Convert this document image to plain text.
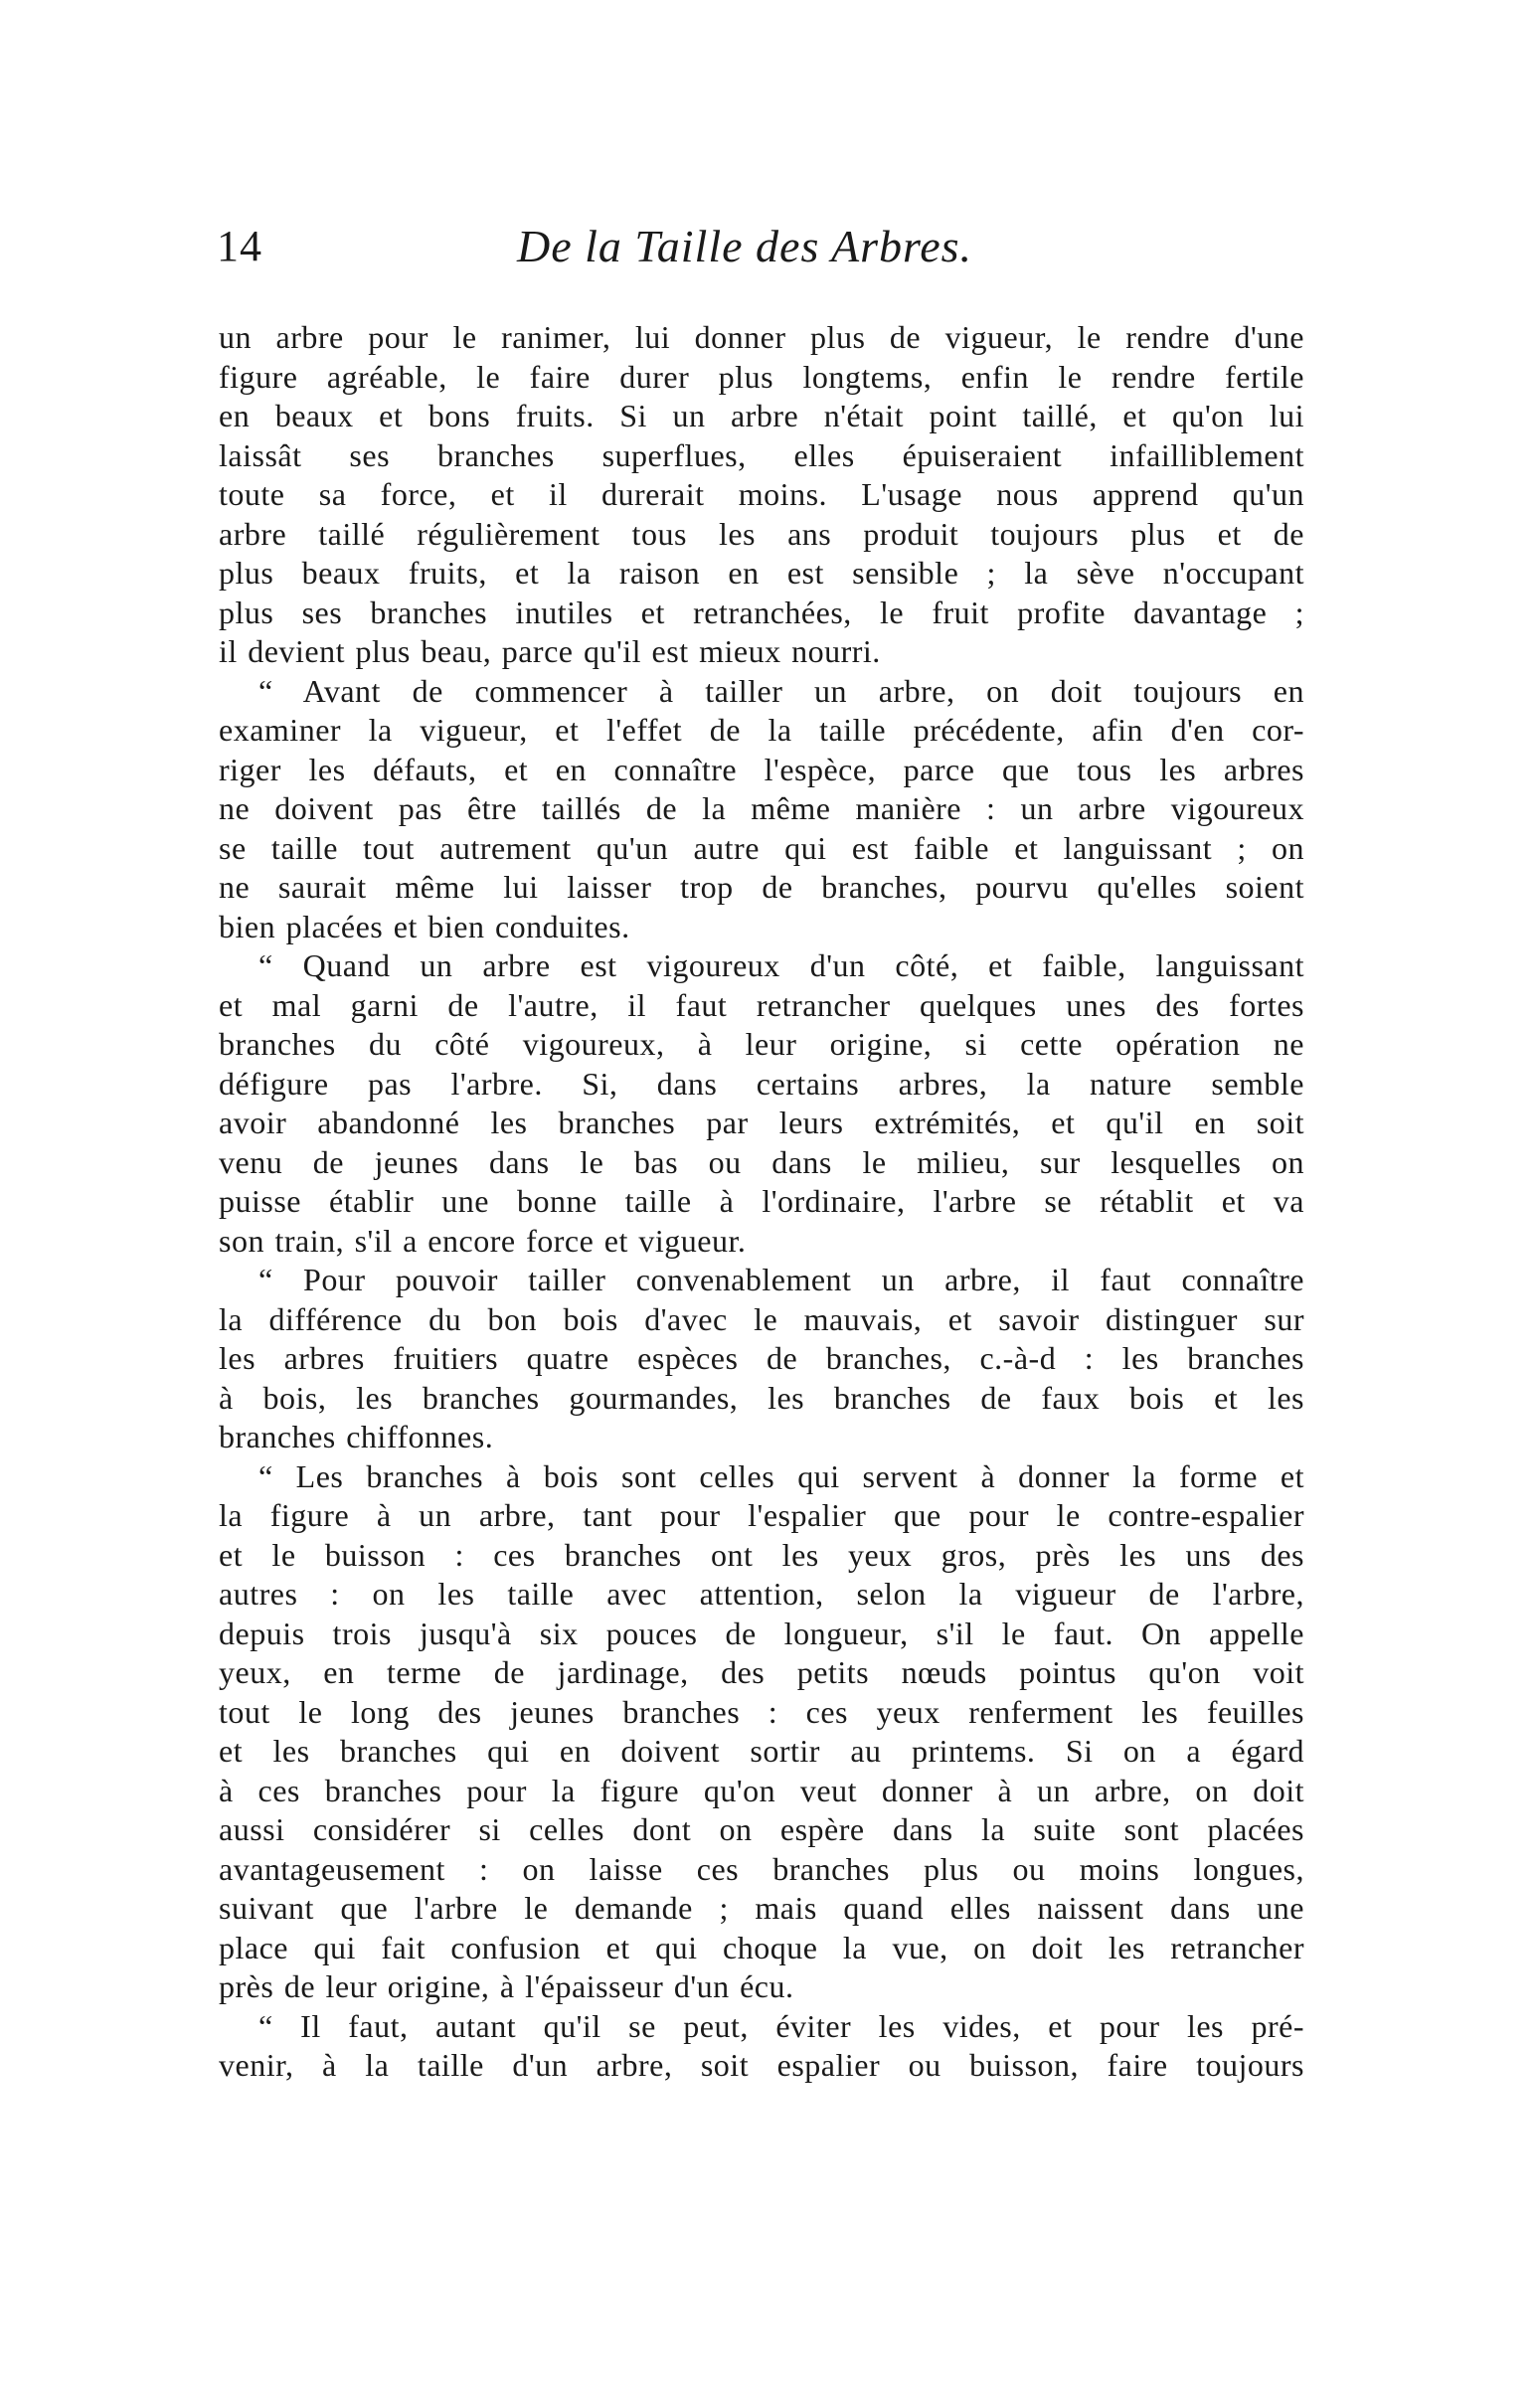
14	De la Taille des Arbres.
un arbre pour le ranimer, lui donner plus de vigueur, le rendre d'une
figure agréable, le faire durer plus longtems, enfin le rendre fertile
en beaux et bons fruits. Si un arbre n'était point taillé, et qu'on lui
laissât ses branches superflues, elles épuiseraient infailliblement
toute sa force, et il durerait moins. L'usage nous apprend qu'un
arbre taillé régulièrement tous les ans produit toujours plus et de
plus beaux fruits, et la raison en est sensible ; la sève n'occupant
plus ses branches inutiles et retranchées, le fruit profite davantage ;
il devient plus beau, parce qu'il est mieux nourri.
“ Avant de commencer à tailler un arbre, on doit toujours en
examiner la vigueur, et l'effet de la taille précédente, afin d'en cor-
riger les défauts, et en connaître l'espèce, parce que tous les arbres
ne doivent pas être taillés de la même manière : un arbre vigoureux
se taille tout autrement qu'un autre qui est faible et languissant ; on
ne saurait même lui laisser trop de branches, pourvu qu'elles soient
bien placées et bien conduites.
“ Quand un arbre est vigoureux d'un côté, et faible, languissant
et mal garni de l'autre, il faut retrancher quelques unes des fortes
branches du côté vigoureux, à leur origine, si cette opération ne
défigure pas l'arbre. Si, dans certains arbres, la nature semble
avoir abandonné les branches par leurs extrémités, et qu'il en soit
venu de jeunes dans le bas ou dans le milieu, sur lesquelles on
puisse établir une bonne taille à l'ordinaire, l'arbre se rétablit et va
son train, s'il a encore force et vigueur.
“ Pour pouvoir tailler convenablement un arbre, il faut connaître
la différence du bon bois d'avec le mauvais, et savoir distinguer sur
les arbres fruitiers quatre espèces de branches, c.-à-d : les branches
à bois, les branches gourmandes, les branches de faux bois et les
branches chiffonnes.
“ Les branches à bois sont celles qui servent à donner la forme et
la figure à un arbre, tant pour l'espalier que pour le contre-espalier
et le buisson : ces branches ont les yeux gros, près les uns des
autres : on les taille avec attention, selon la vigueur de l'arbre,
depuis trois jusqu'à six pouces de longueur, s'il le faut. On appelle
yeux, en terme de jardinage, des petits nœuds pointus qu'on voit
tout le long des jeunes branches : ces yeux renferment les feuilles
et les branches qui en doivent sortir au printems. Si on a égard
à ces branches pour la figure qu'on veut donner à un arbre, on doit
aussi considérer si celles dont on espère dans la suite sont placées
avantageusement : on laisse ces branches plus ou moins longues,
suivant que l'arbre le demande ; mais quand elles naissent dans une
place qui fait confusion et qui choque la vue, on doit les retrancher
près de leur origine, à l'épaisseur d'un écu.
“ Il faut, autant qu'il se peut, éviter les vides, et pour les pré-
venir, à la taille d'un arbre, soit espalier ou buisson, faire toujours
